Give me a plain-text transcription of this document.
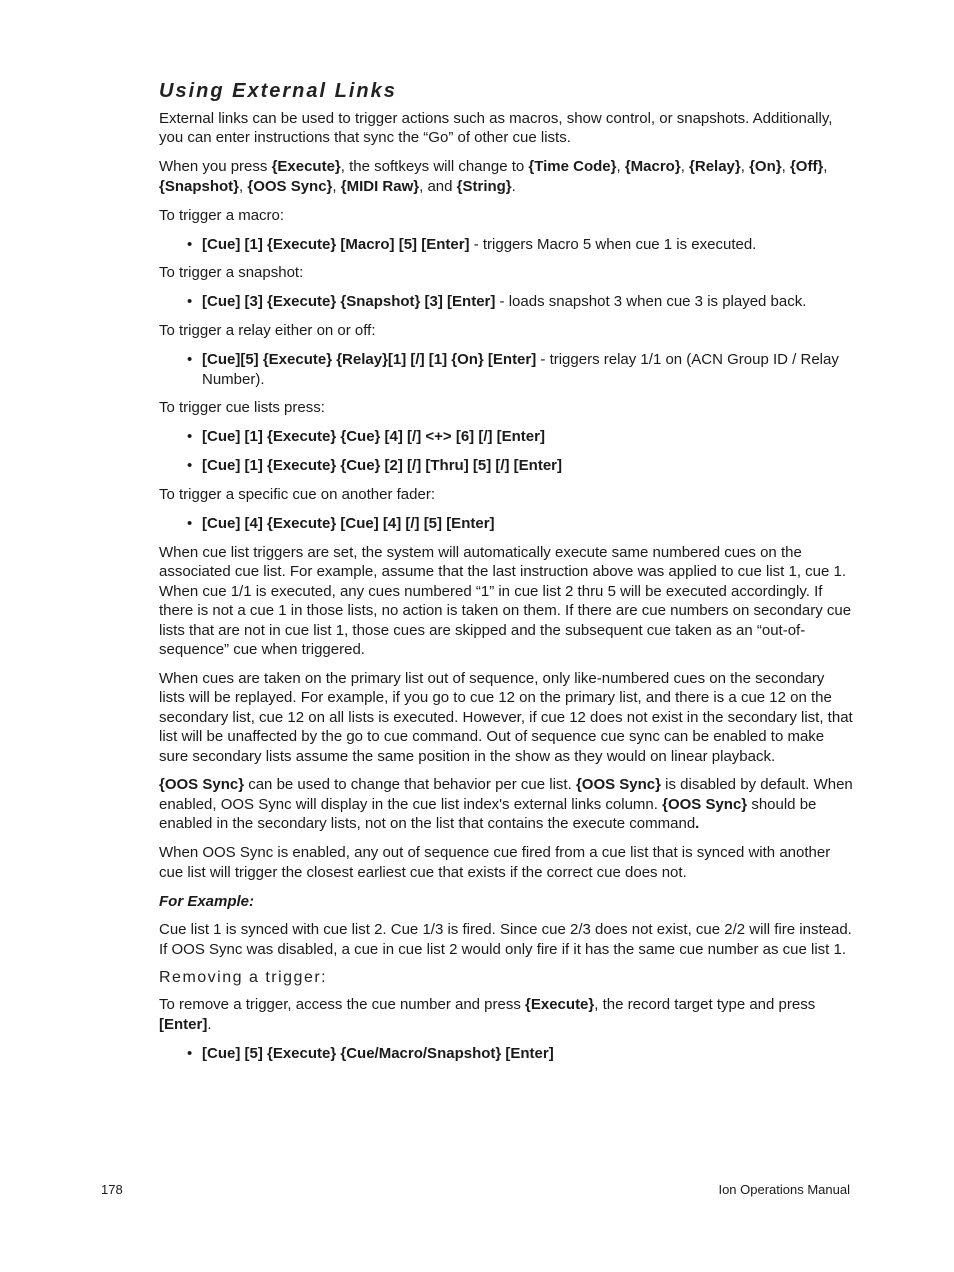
Using External Links

External links can be used to trigger actions such as macros, show control, or snapshots. Additionally, you can enter instructions that sync the “Go” of other cue lists.

When you press {Execute}, the softkeys will change to {Time Code}, {Macro}, {Relay}, {On}, {Off}, {Snapshot}, {OOS Sync}, {MIDI Raw}, and {String}.

To trigger a macro:

• [Cue] [1] {Execute} [Macro] [5] [Enter] - triggers Macro 5 when cue 1 is executed.

To trigger a snapshot:

• [Cue] [3] {Execute} {Snapshot} [3] [Enter] - loads snapshot 3 when cue 3 is played back.

To trigger a relay either on or off:

• [Cue][5] {Execute} {Relay}[1] [/] [1] {On} [Enter] - triggers relay 1/1 on (ACN Group ID / Relay Number).

To trigger cue lists press:

• [Cue] [1] {Execute} {Cue} [4] [/] <+> [6] [/] [Enter]
• [Cue] [1] {Execute} {Cue} [2] [/] [Thru] [5] [/] [Enter]

To trigger a specific cue on another fader:

• [Cue] [4] {Execute} [Cue] [4] [/] [5] [Enter]

When cue list triggers are set, the system will automatically execute same numbered cues on the associated cue list. For example, assume that the last instruction above was applied to cue list 1, cue 1. When cue 1/1 is executed, any cues numbered “1” in cue list 2 thru 5 will be executed accordingly. If there is not a cue 1 in those lists, no action is taken on them. If there are cue numbers on secondary cue lists that are not in cue list 1, those cues are skipped and the subsequent cue taken as an “out-of-sequence” cue when triggered.

When cues are taken on the primary list out of sequence, only like-numbered cues on the secondary lists will be replayed. For example, if you go to cue 12 on the primary list, and there is a cue 12 on the secondary list, cue 12 on all lists is executed. However, if cue 12 does not exist in the secondary list, that list will be unaffected by the go to cue command. Out of sequence cue sync can be enabled to make sure secondary lists assume the same position in the show as they would on linear playback.

{OOS Sync} can be used to change that behavior per cue list. {OOS Sync} is disabled by default. When enabled, OOS Sync will display in the cue list index's external links column. {OOS Sync} should be enabled in the secondary lists, not on the list that contains the execute command.

When OOS Sync is enabled, any out of sequence cue fired from a cue list that is synced with another cue list will trigger the closest earliest cue that exists if the correct cue does not.

For Example:

Cue list 1 is synced with cue list 2. Cue 1/3 is fired. Since cue 2/3 does not exist, cue 2/2 will fire instead. If OOS Sync was disabled, a cue in cue list 2 would only fire if it has the same cue number as cue list 1.

Removing a trigger:

To remove a trigger, access the cue number and press {Execute}, the record target type and press [Enter].

• [Cue] [5] {Execute} {Cue/Macro/Snapshot} [Enter]
178	Ion Operations Manual
